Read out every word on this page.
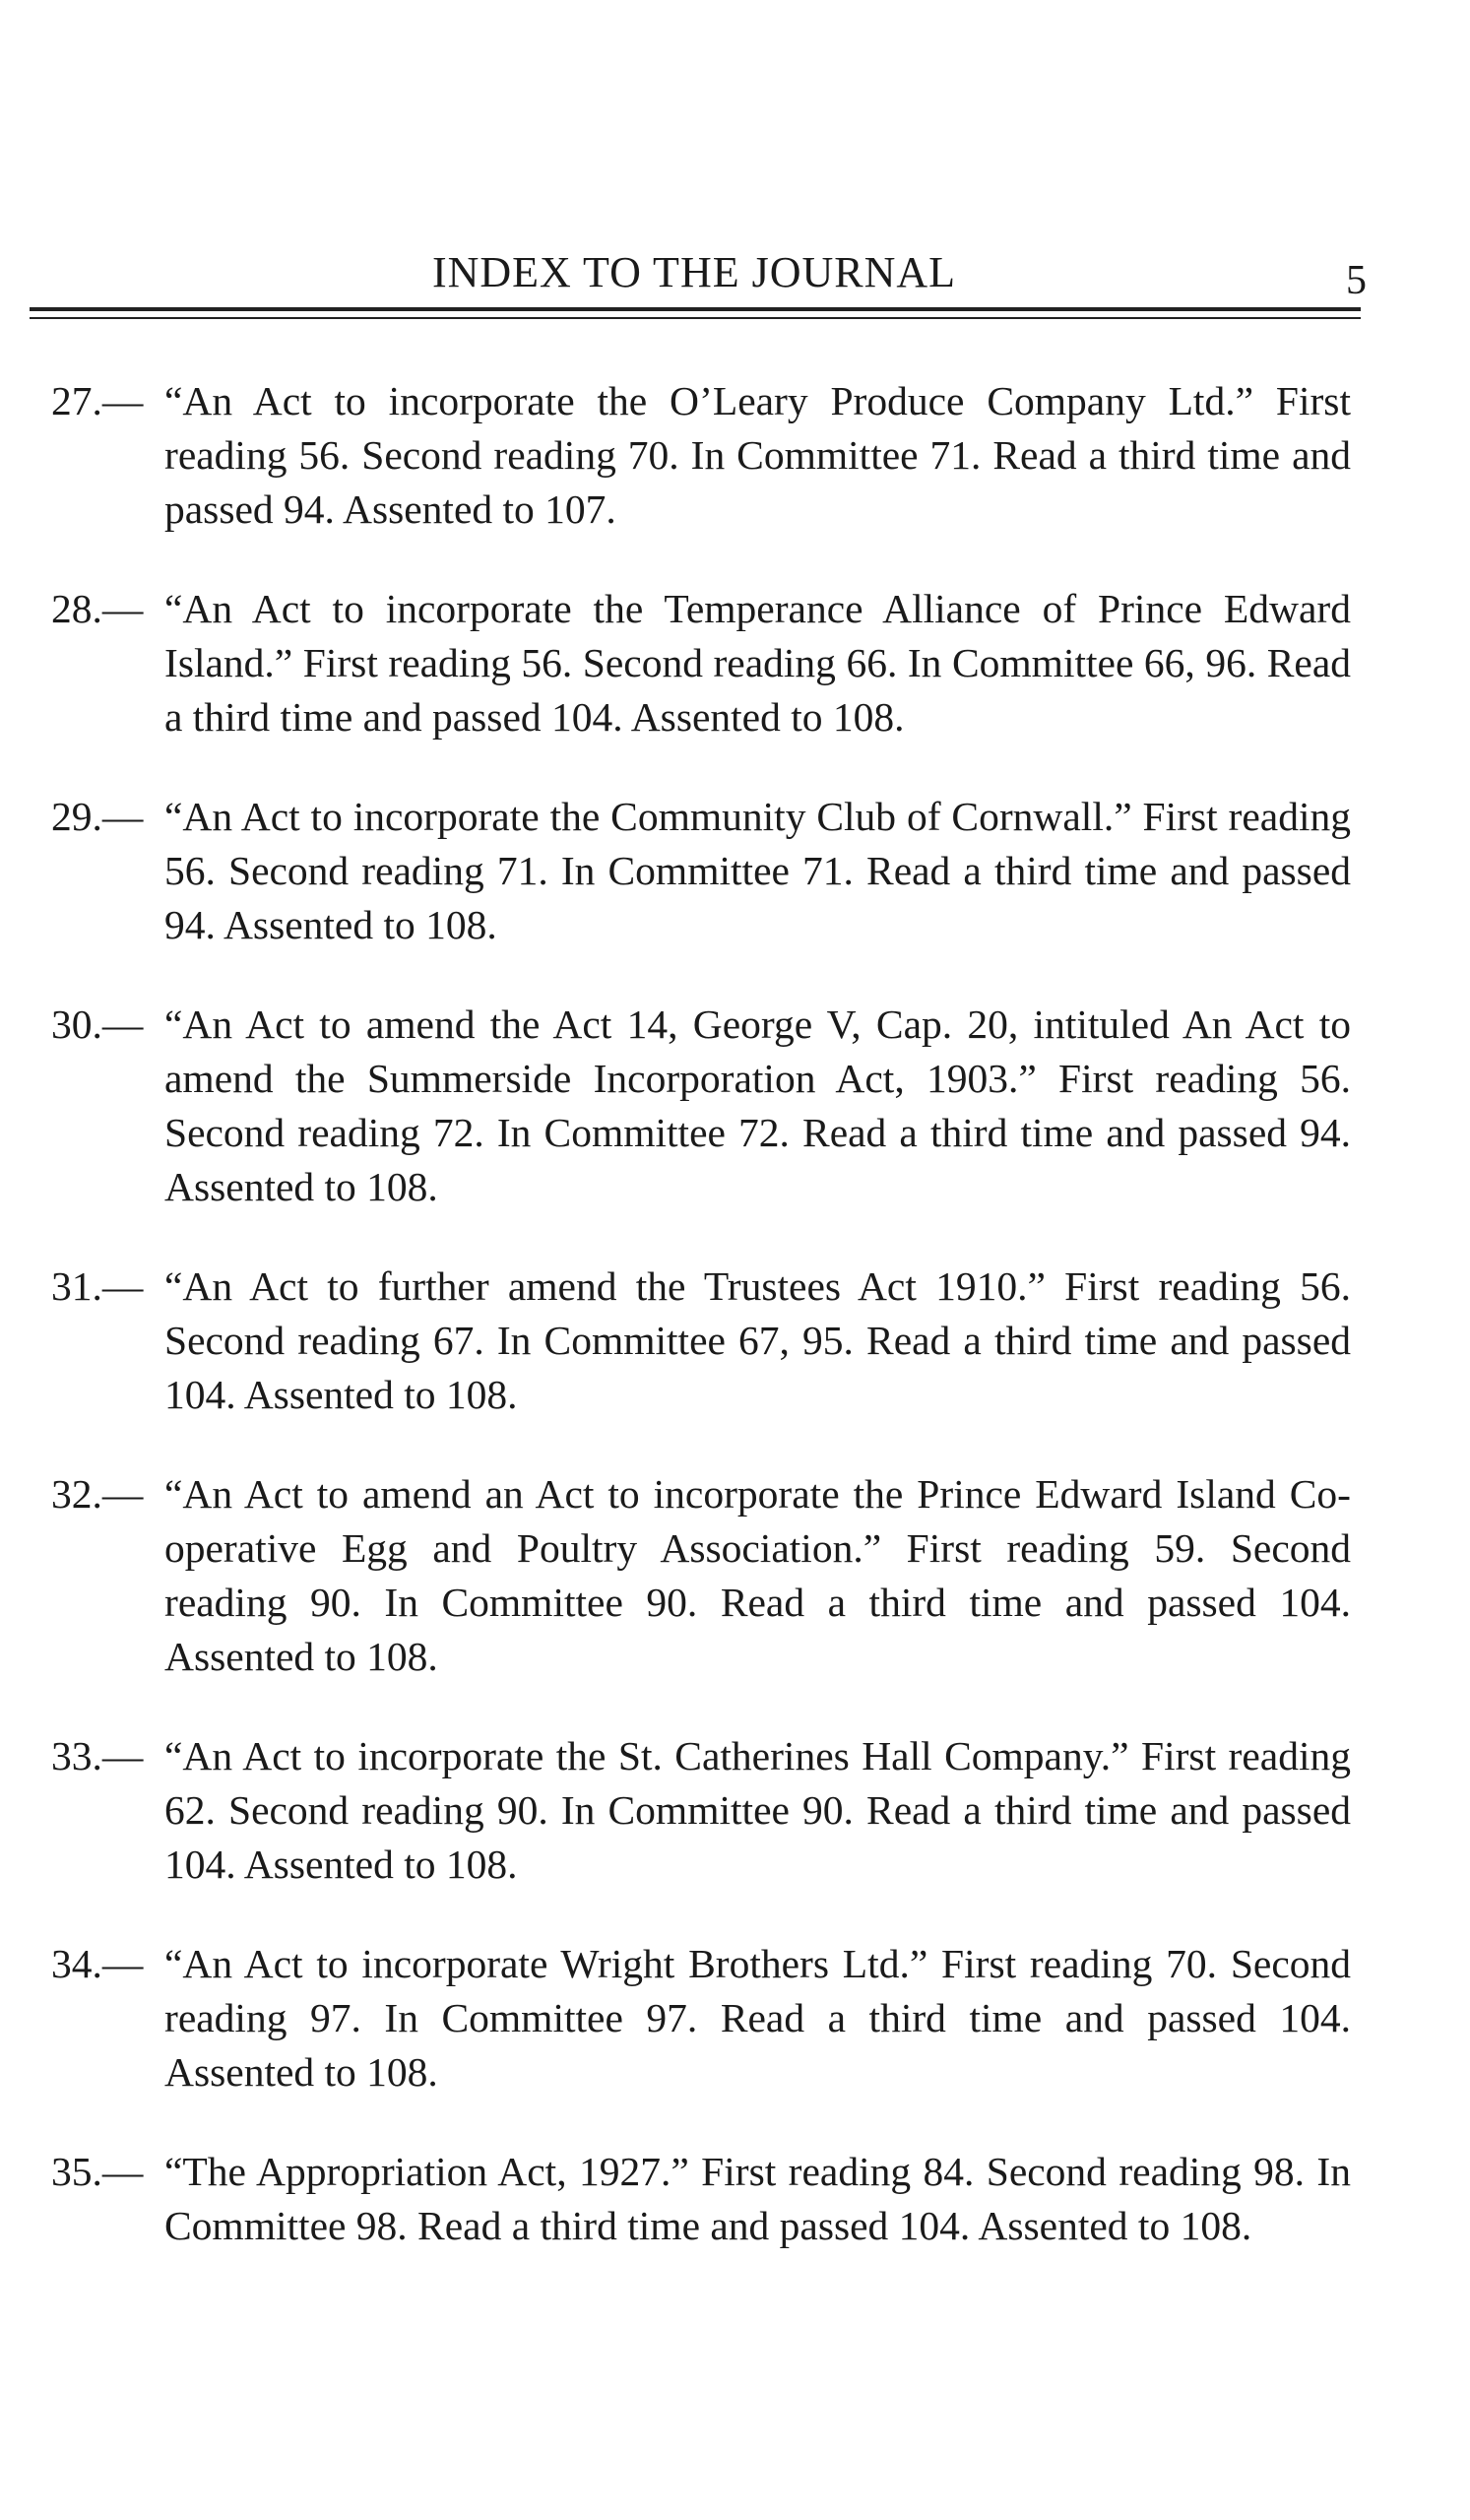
INDEX TO THE JOURNAL	5
27.— “An Act to incorporate the O’Leary Produce Company Ltd.” First reading 56. Second reading 70. In Committee 71. Read a third time and passed 94. Assented to 107.
28.— “An Act to incorporate the Temperance Alliance of Prince Edward Island.” First reading 56. Second reading 66. In Committee 66, 96. Read a third time and passed 104. Assented to 108.
29.— “An Act to incorporate the Community Club of Cornwall.” First reading 56. Second reading 71. In Committee 71. Read a third time and passed 94. Assented to 108.
30.— “An Act to amend the Act 14, George V, Cap. 20, intituled An Act to amend the Summerside Incorporation Act, 1903.” First reading 56. Second reading 72. In Committee 72. Read a third time and passed 94. Assented to 108.
31.— “An Act to further amend the Trustees Act 1910.” First reading 56. Second reading 67. In Committee 67, 95. Read a third time and passed 104. Assented to 108.
32.— “An Act to amend an Act to incorporate the Prince Edward Island Co-operative Egg and Poultry Association.” First reading 59. Second reading 90. In Committee 90. Read a third time and passed 104. Assented to 108.
33.— “An Act to incorporate the St. Catherines Hall Company.” First reading 62. Second reading 90. In Committee 90. Read a third time and passed 104. Assented to 108.
34.— “An Act to incorporate Wright Brothers Ltd.” First reading 70. Second reading 97. In Committee 97. Read a third time and passed 104. Assented to 108.
35.— “The Appropriation Act, 1927.” First reading 84. Second reading 98. In Committee 98. Read a third time and passed 104. Assented to 108.
